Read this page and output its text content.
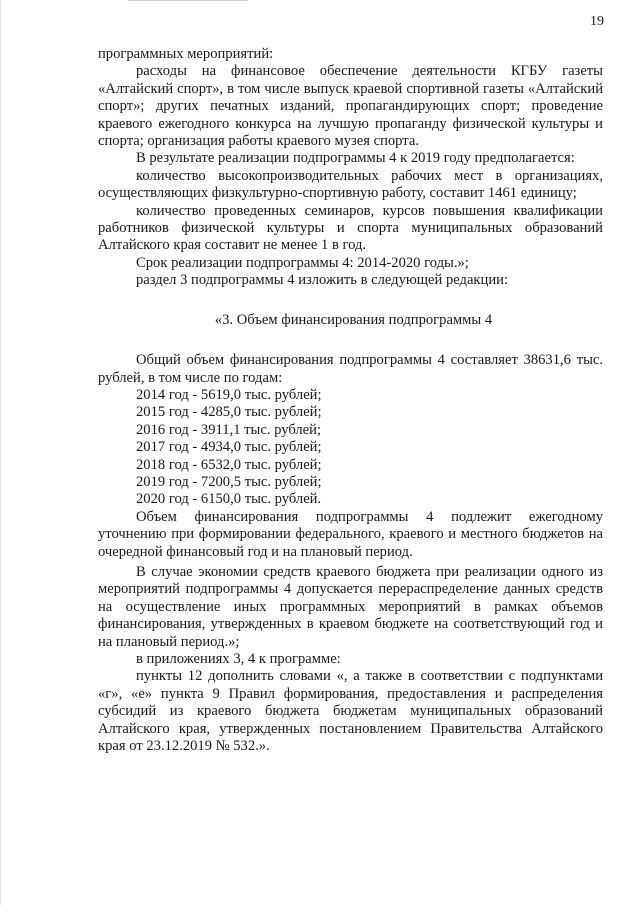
19

программных мероприятий:

расходы на финансовое обеспечение деятельности КГБУ газеты «Алтайский спорт», в том числе выпуск краевой спортивной газеты «Алтайский спорт»; других печатных изданий, пропагандирующих спорт; проведение краевого ежегодного конкурса на лучшую пропаганду физической культуры и спорта; организация работы краевого музея спорта.

В результате реализации подпрограммы 4 к 2019 году предполагается:

количество высокопроизводительных рабочих мест в организациях, осуществляющих физкультурно-спортивную работу, составит 1461 единицу;

количество проведенных семинаров, курсов повышения квалификации работников физической культуры и спорта муниципальных образований Алтайского края составит не менее 1 в год.

Срок реализации подпрограммы 4: 2014-2020 годы.»;

раздел 3 подпрограммы 4 изложить в следующей редакции:

«3. Объем финансирования подпрограммы 4

Общий объем финансирования подпрограммы 4 составляет 38631,6 тыс. рублей, в том числе по годам:

2014 год - 5619,0 тыс. рублей;

2015 год - 4285,0 тыс. рублей;

2016 год - 3911,1 тыс. рублей;

2017 год - 4934,0 тыс. рублей;

2018 год - 6532,0 тыс. рублей;

2019 год - 7200,5 тыс. рублей;

2020 год - 6150,0 тыс. рублей.

Объем финансирования подпрограммы 4 подлежит ежегодному уточнению при формировании федерального, краевого и местного бюджетов на очередной финансовый год и на плановый период.

В случае экономии средств краевого бюджета при реализации одного из мероприятий подпрограммы 4 допускается перераспределение данных средств на осуществление иных программных мероприятий в рамках объемов финансирования, утвержденных в краевом бюджете на соответствующий год и на плановый период.»;

в приложениях 3, 4 к программе:

пункты 12 дополнить словами «, а также в соответствии с подпунктами «г», «е» пункта 9 Правил формирования, предоставления и распределения субсидий из краевого бюджета бюджетам муниципальных образований Алтайского края, утвержденных постановлением Правительства Алтайского края от 23.12.2019 № 532.».
